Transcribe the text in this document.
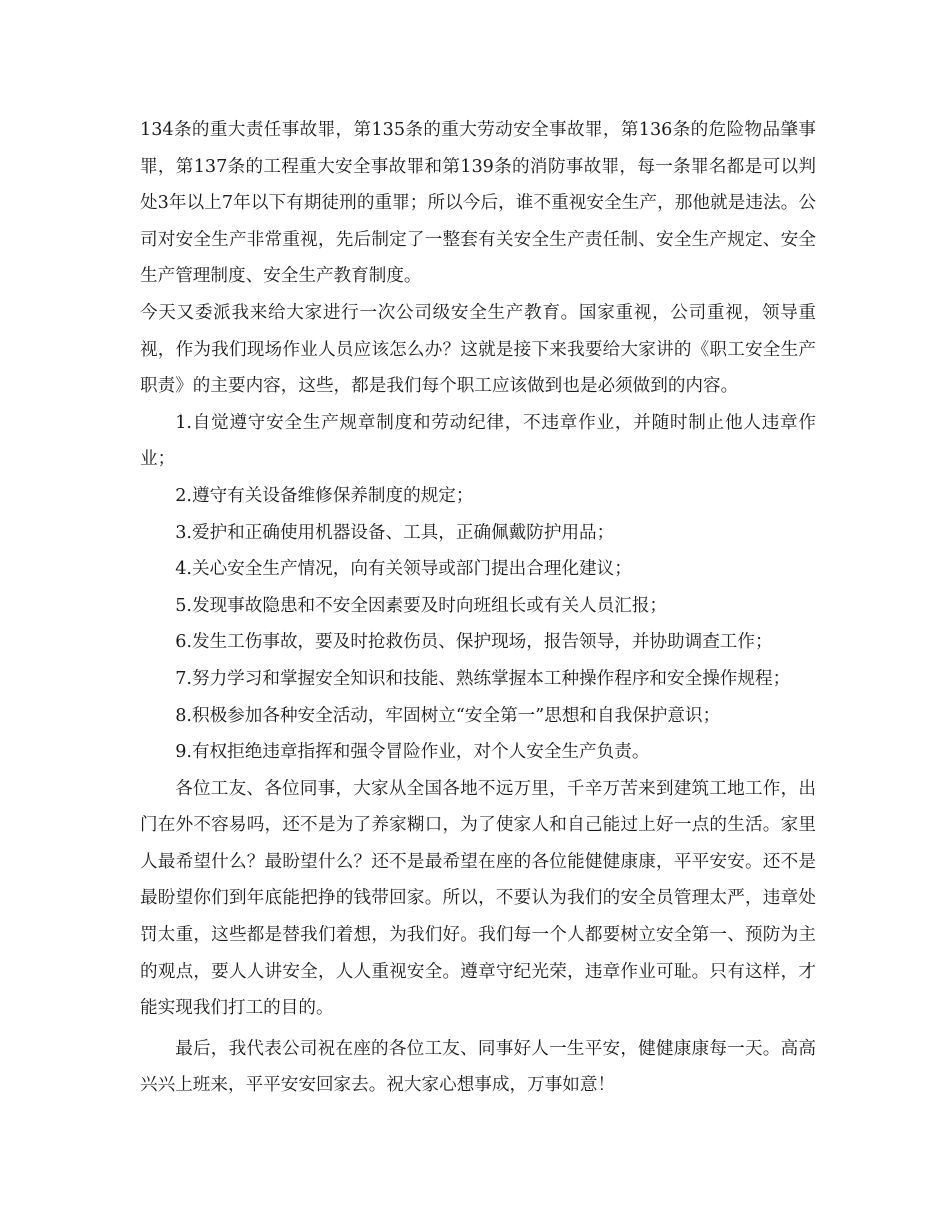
134条的重大责任事故罪，第135条的重大劳动安全事故罪，第136条的危险物品肇事罪，第137条的工程重大安全事故罪和第139条的消防事故罪，每一条罪名都是可以判处3年以上7年以下有期徒刑的重罪；所以今后，谁不重视安全生产，那他就是违法。公司对安全生产非常重视，先后制定了一整套有关安全生产责任制、安全生产规定、安全生产管理制度、安全生产教育制度。

今天又委派我来给大家进行一次公司级安全生产教育。国家重视，公司重视，领导重视，作为我们现场作业人员应该怎么办？这就是接下来我要给大家讲的《职工安全生产职责》的主要内容，这些，都是我们每个职工应该做到也是必须做到的内容。

1.自觉遵守安全生产规章制度和劳动纪律，不违章作业，并随时制止他人违章作业；

2.遵守有关设备维修保养制度的规定；

3.爱护和正确使用机器设备、工具，正确佩戴防护用品；

4.关心安全生产情况，向有关领导或部门提出合理化建议；

5.发现事故隐患和不安全因素要及时向班组长或有关人员汇报；

6.发生工伤事故，要及时抢救伤员、保护现场，报告领导，并协助调查工作；

7.努力学习和掌握安全知识和技能、熟练掌握本工种操作程序和安全操作规程；

8.积极参加各种安全活动，牢固树立“安全第一”思想和自我保护意识；

9.有权拒绝违章指挥和强令冒险作业，对个人安全生产负责。

各位工友、各位同事，大家从全国各地不远万里，千辛万苦来到建筑工地工作，出门在外不容易吗，还不是为了养家糊口，为了使家人和自己能过上好一点的生活。家里人最希望什么？最盼望什么？还不是最希望在座的各位能健健康康，平平安安。还不是最盼望你们到年底能把挣的钱带回家。所以，不要认为我们的安全员管理太严，违章处罚太重，这些都是替我们着想，为我们好。我们每一个人都要树立安全第一、预防为主的观点，要人人讲安全，人人重视安全。遵章守纪光荣，违章作业可耻。只有这样，才能实现我们打工的目的。

最后，我代表公司祝在座的各位工友、同事好人一生平安，健健康康每一天。高高兴兴上班来，平平安安回家去。祝大家心想事成，万事如意！
